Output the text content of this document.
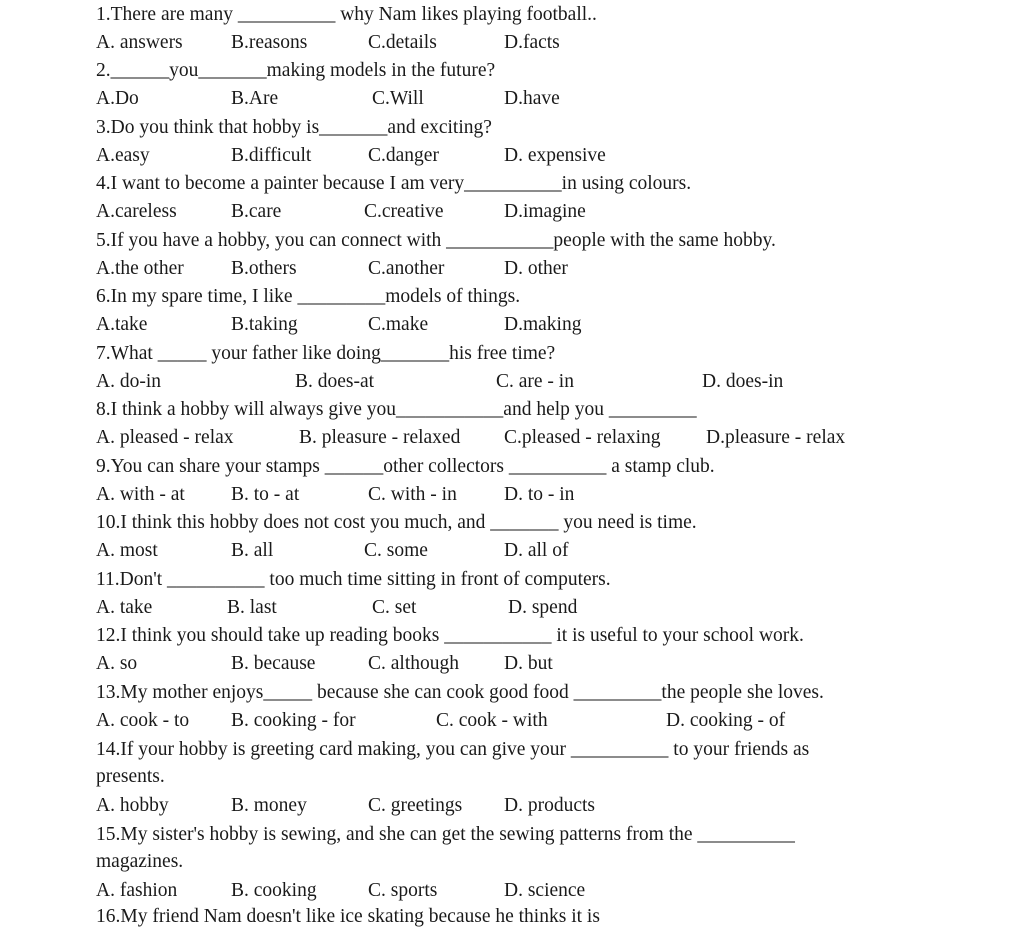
1.There are many __________ why Nam likes playing football..
A. answers B.reasons	C.details	D.facts
2.______you_______making models in the future?
A.Do	B.Are	C.Will	D.have
3.Do you think that hobby is_______and exciting?
A.easy	B.difficult	C.danger	D. expensive
4.I want to become a painter because I am very__________in using colours.
A.careless	B.care	C.creative	D.imagine
5.If you have a hobby, you can connect with ___________people with the same hobby.
A.the other B.others	C.another	D. other
6.In my spare time, I like _________models of things.
A.take	B.taking	C.make	D.making
7.What _____ your father like doing_______his free time?
A. do-in	B. does-at	C. are - in	D. does-in
8.I think a hobby will always give you___________and help you _________
A. pleased - relax	B. pleasure - relaxed C.pleased - relaxing D.pleasure - relax
9.You can share your stamps ______other collectors __________ a stamp club.
A. with - at B. to - at	C. with - in D. to - in
10.I think this hobby does not cost you much, and _______ you need is time.
A. most	B. all	C. some	D. all of
11.Don't __________ too much time sitting in front of computers.
A. take	B. last	C. set	D. spend
12.I think you should take up reading books ___________ it is useful to your school work.
A. so	B. because	C. although D. but
13.My mother enjoys_____ because she can cook good food _________the people she loves.
A. cook - to B. cooking - for	C. cook - with	D. cooking - of
14.If your hobby is greeting card making, you can give your __________ to your friends as
presents.
A. hobby	B. money	C. greetings D. products
15.My sister's hobby is sewing, and she can get the sewing patterns from the __________
magazines.
A. fashion	B. cooking	C. sports	D. science
16.My friend Nam doesn't like ice skating because he thinks it is
